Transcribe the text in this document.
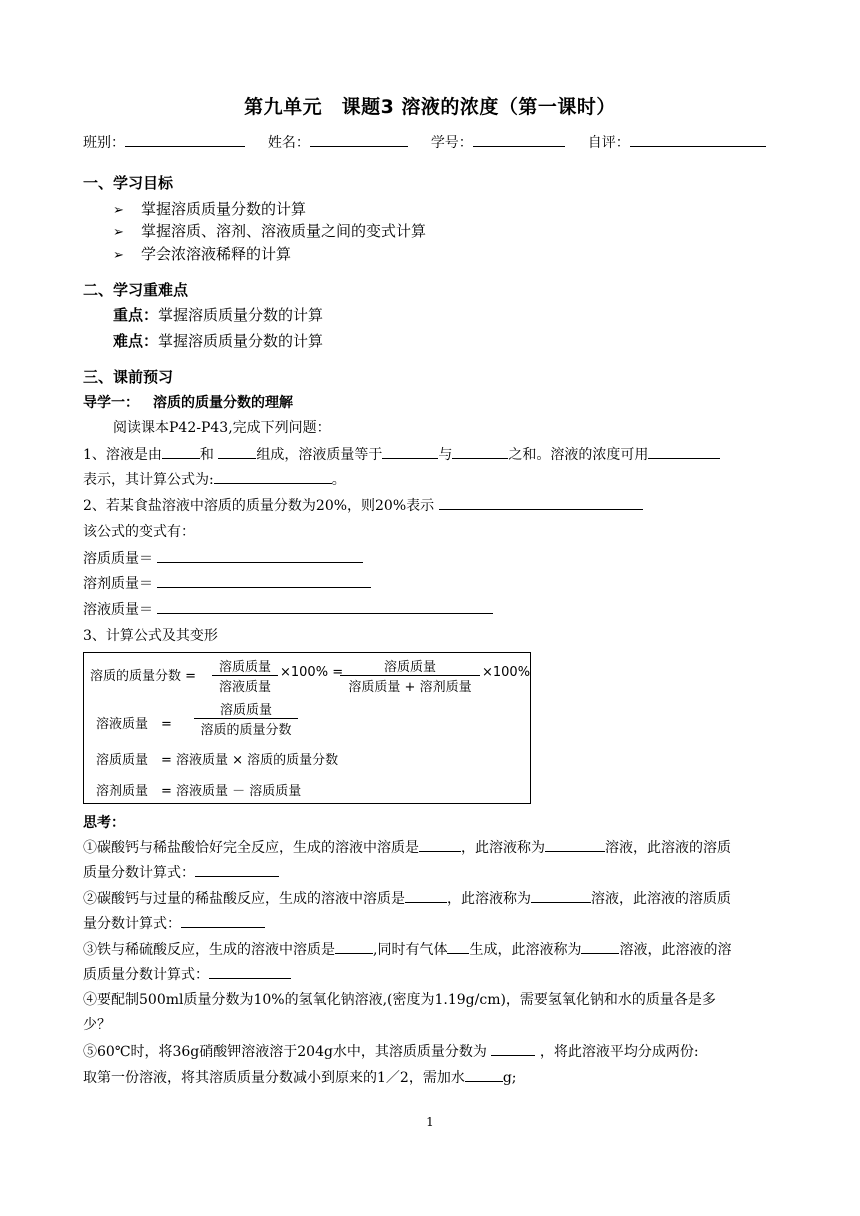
第九单元　课题3 溶液的浓度（第一课时）
班别：	姓名：	学号：	自评：
一、学习目标
➢ 掌握溶质质量分数的计算
➢ 掌握溶质、溶剂、溶液质量之间的变式计算
➢ 学会浓溶液稀释的计算
二、学习重难点
重点：掌握溶质质量分数的计算
难点：掌握溶质质量分数的计算
三、课前预习
导学一： 溶质的质量分数的理解
阅读课本P42-P43,完成下列问题：
1、溶液是由	和	组成，溶液质量等于	与	之和。溶液的浓度可用
表示，其计算公式为:	。
2、若某食盐溶液中溶质的质量分数为20%，则20%表示
该公式的变式有：
溶质质量＝
溶剂质量＝
溶液质量＝
3、计算公式及其变形
溶质的质量分数 =
溶质质量
溶液质量
×100% =	溶质质量
溶质质量 + 溶剂质量
×100%
溶液质量　=
溶质质量
溶质的质量分数
溶质质量　= 溶液质量 × 溶质的质量分数
溶剂质量　= 溶液质量 － 溶质质量
思考：
①碳酸钙与稀盐酸恰好完全反应，生成的溶液中溶质是	，此溶液称为	溶液，此溶液的溶质
质量分数计算式：
②碳酸钙与过量的稀盐酸反应，生成的溶液中溶质是	，此溶液称为	溶液，此溶液的溶质质
量分数计算式：
③铁与稀硫酸反应，生成的溶液中溶质是	,同时有气体 生成，此溶液称为	溶液，此溶液的溶
质质量分数计算式：
④要配制500ml质量分数为10%的氢氧化钠溶液,(密度为1.19g/cm)，需要氢氧化钠和水的质量各是多
少？
⑤60℃时，将36g硝酸钾溶液溶于204g水中，其溶质质量分数为	，将此溶液平均分成两份:
取第一份溶液，将其溶质质量分数减小到原来的1／2，需加水	g;
1
